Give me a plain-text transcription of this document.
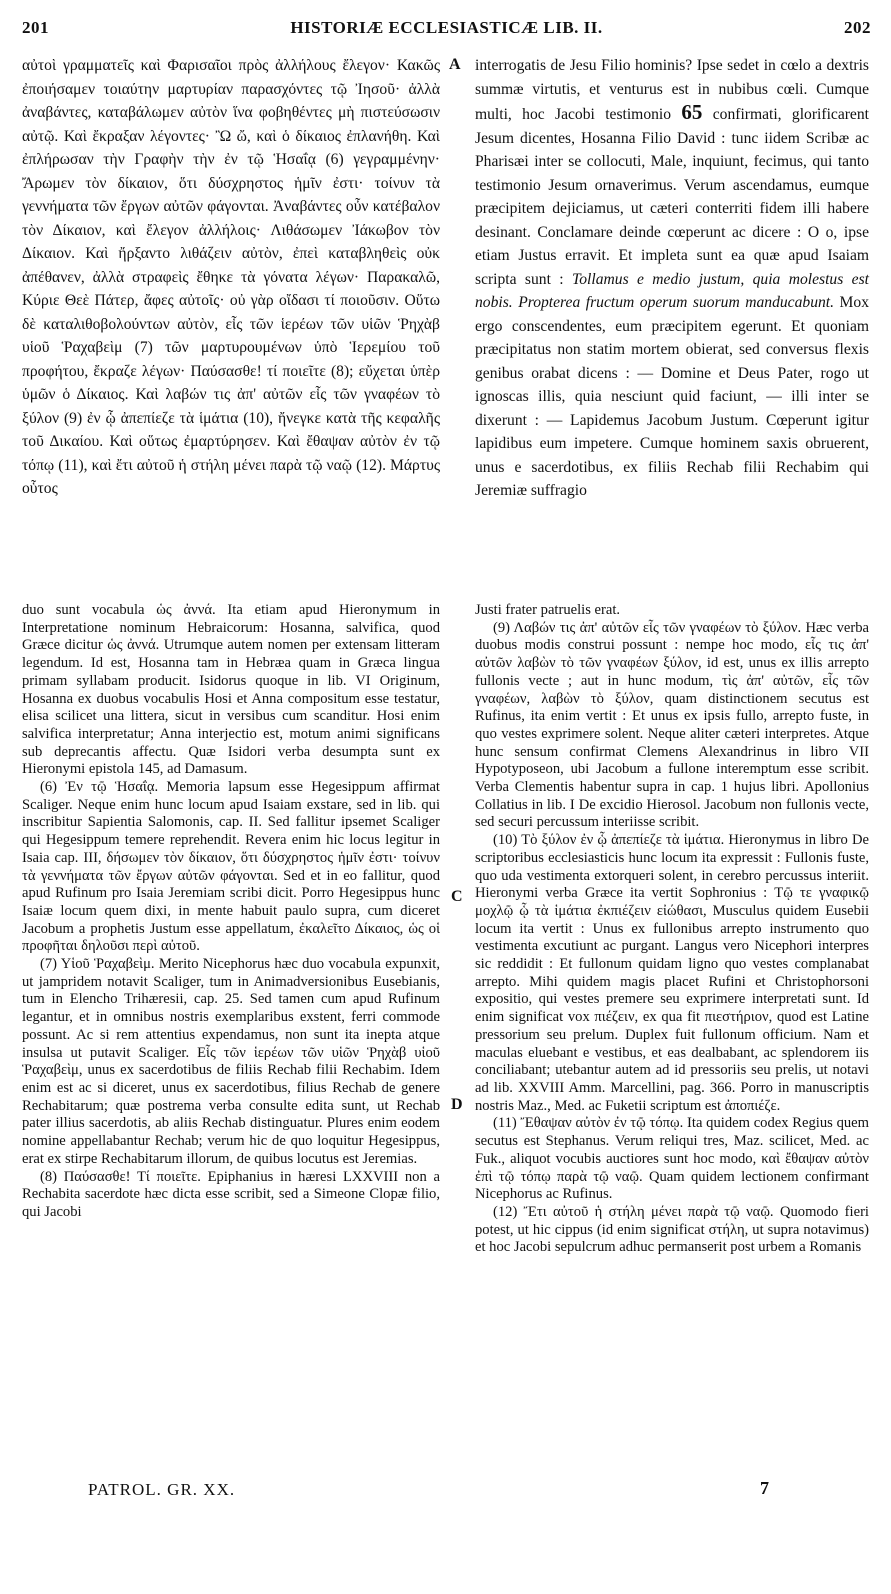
201	HISTORIÆ ECCLESIASTICÆ LIB. II.	202
A
C
D

αὐτοὶ γραμματεῖς καὶ Φαρισαῖοι πρὸς ἀλλήλους ἔλεγον· Κακῶς ἐποιήσαμεν τοιαύτην μαρτυρίαν παρασχόντες τῷ Ἰησοῦ· ἀλλὰ ἀναβάντες, καταβάλωμεν αὐτὸν ἵνα φοβηθέντες μὴ πιστεύσωσιν αὐτῷ. Καὶ ἔκραξαν λέγοντες· Ὢ ὤ, καὶ ὁ δίκαιος ἐπλανήθη. Καὶ ἐπλήρωσαν τὴν Γραφὴν τὴν ἐν τῷ Ἡσαΐᾳ (6) γεγραμμένην· Ἄρωμεν τὸν δίκαιον, ὅτι δύσχρηστος ἡμῖν ἐστι· τοίνυν τὰ γεννήματα τῶν ἔργων αὐτῶν φάγονται. Ἀναβάντες οὖν κατέβαλον τὸν Δίκαιον, καὶ ἔλεγον ἀλλήλοις· Λιθάσωμεν Ἰάκωβον τὸν Δίκαιον. Καὶ ἤρξαντο λιθάζειν αὐτὸν, ἐπεὶ καταβληθεὶς οὐκ ἀπέθανεν, ἀλλὰ στραφεὶς ἔθηκε τὰ γόνατα λέγων· Παρακαλῶ, Κύριε Θεὲ Πάτερ, ἄφες αὐτοῖς· οὐ γὰρ οἴδασι τί ποιοῦσιν. Οὕτω δὲ καταλιθοβολούντων αὐτὸν, εἷς τῶν ἱερέων τῶν υἱῶν Ῥηχὰβ υἱοῦ Ῥαχαβεὶμ (7) τῶν μαρτυρουμένων ὑπὸ Ἱερεμίου τοῦ προφήτου, ἔκραζε λέγων· Παύσασθε! τί ποιεῖτε (8); εὔχεται ὑπὲρ ὑμῶν ὁ Δίκαιος. Καὶ λαβών τις ἀπ' αὐτῶν εἷς τῶν γναφέων τὸ ξύλον (9) ἐν ᾧ ἀπεπίεζε τὰ ἱμάτια (10), ἤνεγκε κατὰ τῆς κεφαλῆς τοῦ Δικαίου. Καὶ οὕτως ἐμαρτύρησεν. Καὶ ἔθαψαν αὐτὸν ἐν τῷ τόπῳ (11), καὶ ἔτι αὐτοῦ ἡ στήλη μένει παρὰ τῷ ναῷ (12). Μάρτυς οὗτος

interrogatis de Jesu Filio hominis? Ipse sedet in cœlo a dextris summæ virtutis, et venturus est in nubibus cœli. Cumque multi, hoc Jacobi testimonio 65 confirmati, glorificarent Jesum dicentes, Hosanna Filio David : tunc iidem Scribæ ac Pharisæi inter se collocuti, Male, inquiunt, fecimus, qui tanto testimonio Jesum ornaverimus. Verum ascendamus, eumque præcipitem dejiciamus, ut cæteri conterriti fidem illi habere desinant. Conclamare deinde cœperunt ac dicere : O o, ipse etiam Justus erravit. Et impleta sunt ea quæ apud Isaiam scripta sunt : Tollamus e medio justum, quia molestus est nobis. Propterea fructum operum suorum manducabunt. Mox ergo conscendentes, eum præcipitem egerunt. Et quoniam præcipitatus non statim mortem obierat, sed conversus flexis genibus orabat dicens : — Domine et Deus Pater, rogo ut ignoscas illis, quia nesciunt quid faciunt, — illi inter se dixerunt : — Lapidemus Jacobum Justum. Cœperunt igitur lapidibus eum impetere. Cumque hominem saxis obruerent, unus e sacerdotibus, ex filiis Rechab filii Rechabim qui Jeremiæ suffragio

duo sunt vocabula ὡς ἀννά. Ita etiam apud Hieronymum in Interpretatione nominum Hebraicorum: Hosanna, salvifica, quod Græce dicitur ὡς ἀννά. Utrumque autem nomen per extensam litteram legendum. Id est, Hosanna tam in Hebræa quam in Græca lingua primam syllabam producit. Isidorus quoque in lib. VI Originum, Hosanna ex duobus vocabulis Hosi et Anna compositum esse testatur, elisa scilicet una littera, sicut in versibus cum scanditur. Hosi enim salvifica interpretatur; Anna interjectio est, motum animi significans sub deprecantis affectu. Quæ Isidori verba desumpta sunt ex Hieronymi epistola 145, ad Damasum.

(6) Ἐν τῷ Ἡσαΐᾳ. Memoria lapsum esse Hegesippum affirmat Scaliger. Neque enim hunc locum apud Isaiam exstare, sed in lib. qui inscribitur Sapientia Salomonis, cap. II. Sed fallitur ipsemet Scaliger qui Hegesippum temere reprehendit. Revera enim hic locus legitur in Isaia cap. III, δήσωμεν τὸν δίκαιον, ὅτι δύσχρηστος ἡμῖν ἐστι· τοίνυν τὰ γεννήματα τῶν ἔργων αὐτῶν φάγονται. Sed et in eo fallitur, quod apud Rufinum pro Isaia Jeremiam scribi dicit. Porro Hegesippus hunc Isaiæ locum quem dixi, in mente habuit paulo supra, cum diceret Jacobum a prophetis Justum esse appellatum, ἐκαλεῖτο Δίκαιος, ὡς οἱ προφῆται δηλοῦσι περὶ αὐτοῦ.

(7) Υἱοῦ Ῥαχαβεὶμ. Merito Nicephorus hæc duo vocabula expunxit, ut jampridem notavit Scaliger, tum in Animadversionibus Eusebianis, tum in Elencho Trihæresii, cap. 25. Sed tamen cum apud Rufinum legantur, et in omnibus nostris exemplaribus exstent, ferri commode possunt. Ac si rem attentius expendamus, non sunt ita inepta atque insulsa ut putavit Scaliger. Εἷς τῶν ἱερέων τῶν υἱῶν Ῥηχὰβ υἱοῦ Ῥαχαβεὶμ, unus ex sacerdotibus de filiis Rechab filii Rechabim. Idem enim est ac si diceret, unus ex sacerdotibus, filius Rechab de genere Rechabitarum; quæ postrema verba consulte edita sunt, ut Rechab pater illius sacerdotis, ab aliis Rechab distinguatur. Plures enim eodem nomine appellabantur Rechab; verum hic de quo loquitur Hegesippus, erat ex stirpe Rechabitarum illorum, de quibus locutus est Jeremias.

(8) Παύσασθε! Τί ποιεῖτε. Epiphanius in hæresi LXXVIII non a Rechabita sacerdote hæc dicta esse scribit, sed a Simeone Clopæ filio, qui Jacobi

Justi frater patruelis erat.

(9) Λαβών τις ἀπ' αὐτῶν εἷς τῶν γναφέων τὸ ξύλον. Hæc verba duobus modis construi possunt : nempe hoc modo, εἷς τις ἀπ' αὐτῶν λαβὼν τὸ τῶν γναφέων ξύλον, id est, unus ex illis arrepto fullonis vecte ; aut in hunc modum, τὶς ἀπ' αὐτῶν, εἷς τῶν γναφέων, λαβὼν τὸ ξύλον, quam distinctionem secutus est Rufinus, ita enim vertit : Et unus ex ipsis fullo, arrepto fuste, in quo vestes exprimere solent. Neque aliter cæteri interpretes. Atque hunc sensum confirmat Clemens Alexandrinus in libro VII Hypotyposeon, ubi Jacobum a fullone interemptum esse scribit. Verba Clementis habentur supra in cap. 1 hujus libri. Apollonius Collatius in lib. I De excidio Hierosol. Jacobum non fullonis vecte, sed securi percussum interiisse scribit.

(10) Τὸ ξύλον ἐν ᾧ ἀπεπίεζε τὰ ἱμάτια. Hieronymus in libro De scriptoribus ecclesiasticis hunc locum ita expressit : Fullonis fuste, quo uda vestimenta extorqueri solent, in cerebro percussus interiit. Hieronymi verba Græce ita vertit Sophronius : Τῷ τε γναφικῷ μοχλῷ ᾧ τὰ ἱμάτια ἐκπιέζειν εἰώθασι, Musculus quidem Eusebii locum ita vertit : Unus ex fullonibus arrepto instrumento quo vestimenta excutiunt ac purgant. Langus vero Nicephori interpres sic reddidit : Et fullonum quidam ligno quo vestes complanabat arrepto. Mihi quidem magis placet Rufini et Christophorsoni expositio, qui vestes premere seu exprimere interpretati sunt. Id enim significat vox πιέζειν, ex qua fit πιεστήριον, quod est Latine pressorium seu prelum. Duplex fuit fullonum officium. Nam et maculas eluebant e vestibus, et eas dealbabant, ac splendorem iis conciliabant; utebantur autem ad id pressoriis seu prelis, ut notavi ad lib. XXVIII Amm. Marcellini, pag. 366. Porro in manuscriptis nostris Maz., Med. ac Fuketii scriptum est ἀποπιέζε.

(11) Ἔθαψαν αὐτὸν ἐν τῷ τόπῳ. Ita quidem codex Regius quem secutus est Stephanus. Verum reliqui tres, Maz. scilicet, Med. ac Fuk., aliquot vocubis auctiores sunt hoc modo, καὶ ἔθαψαν αὐτὸν ἐπὶ τῷ τόπῳ παρὰ τῷ ναῷ. Quam quidem lectionem confirmant Nicephorus ac Rufinus.

(12) Ἔτι αὐτοῦ ἡ στήλη μένει παρὰ τῷ ναῷ. Quomodo fieri potest, ut hic cippus (id enim significat στήλη, ut supra notavimus) et hoc Jacobi sepulcrum adhuc permanserit post urbem a Romanis

PATROL. GR. XX.	7
